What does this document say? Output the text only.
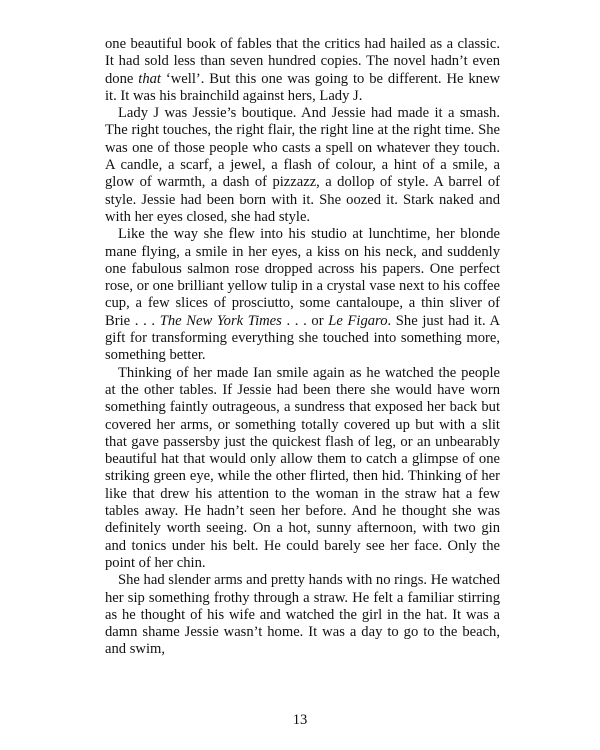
one beautiful book of fables that the critics had hailed as a classic. It had sold less than seven hundred copies. The novel hadn’t even done that ‘well’. But this one was going to be different. He knew it. It was his brainchild against hers, Lady J.

Lady J was Jessie’s boutique. And Jessie had made it a smash. The right touches, the right flair, the right line at the right time. She was one of those people who casts a spell on whatever they touch. A candle, a scarf, a jewel, a flash of colour, a hint of a smile, a glow of warmth, a dash of pizzazz, a dollop of style. A barrel of style. Jessie had been born with it. She oozed it. Stark naked and with her eyes closed, she had style.

Like the way she flew into his studio at lunchtime, her blonde mane flying, a smile in her eyes, a kiss on his neck, and suddenly one fabulous salmon rose dropped across his papers. One perfect rose, or one brilliant yellow tulip in a crystal vase next to his coffee cup, a few slices of prosciutto, some cantaloupe, a thin sliver of Brie . . . The New York Times . . . or Le Figaro. She just had it. A gift for transforming everything she touched into something more, something better.

Thinking of her made Ian smile again as he watched the people at the other tables. If Jessie had been there she would have worn something faintly outrageous, a sundress that exposed her back but covered her arms, or something totally covered up but with a slit that gave passersby just the quickest flash of leg, or an unbearably beautiful hat that would only allow them to catch a glimpse of one striking green eye, while the other flirted, then hid. Thinking of her like that drew his attention to the woman in the straw hat a few tables away. He hadn’t seen her before. And he thought she was definitely worth seeing. On a hot, sunny afternoon, with two gin and tonics under his belt. He could barely see her face. Only the point of her chin.

She had slender arms and pretty hands with no rings. He watched her sip something frothy through a straw. He felt a familiar stirring as he thought of his wife and watched the girl in the hat. It was a damn shame Jessie wasn’t home. It was a day to go to the beach, and swim,

13
